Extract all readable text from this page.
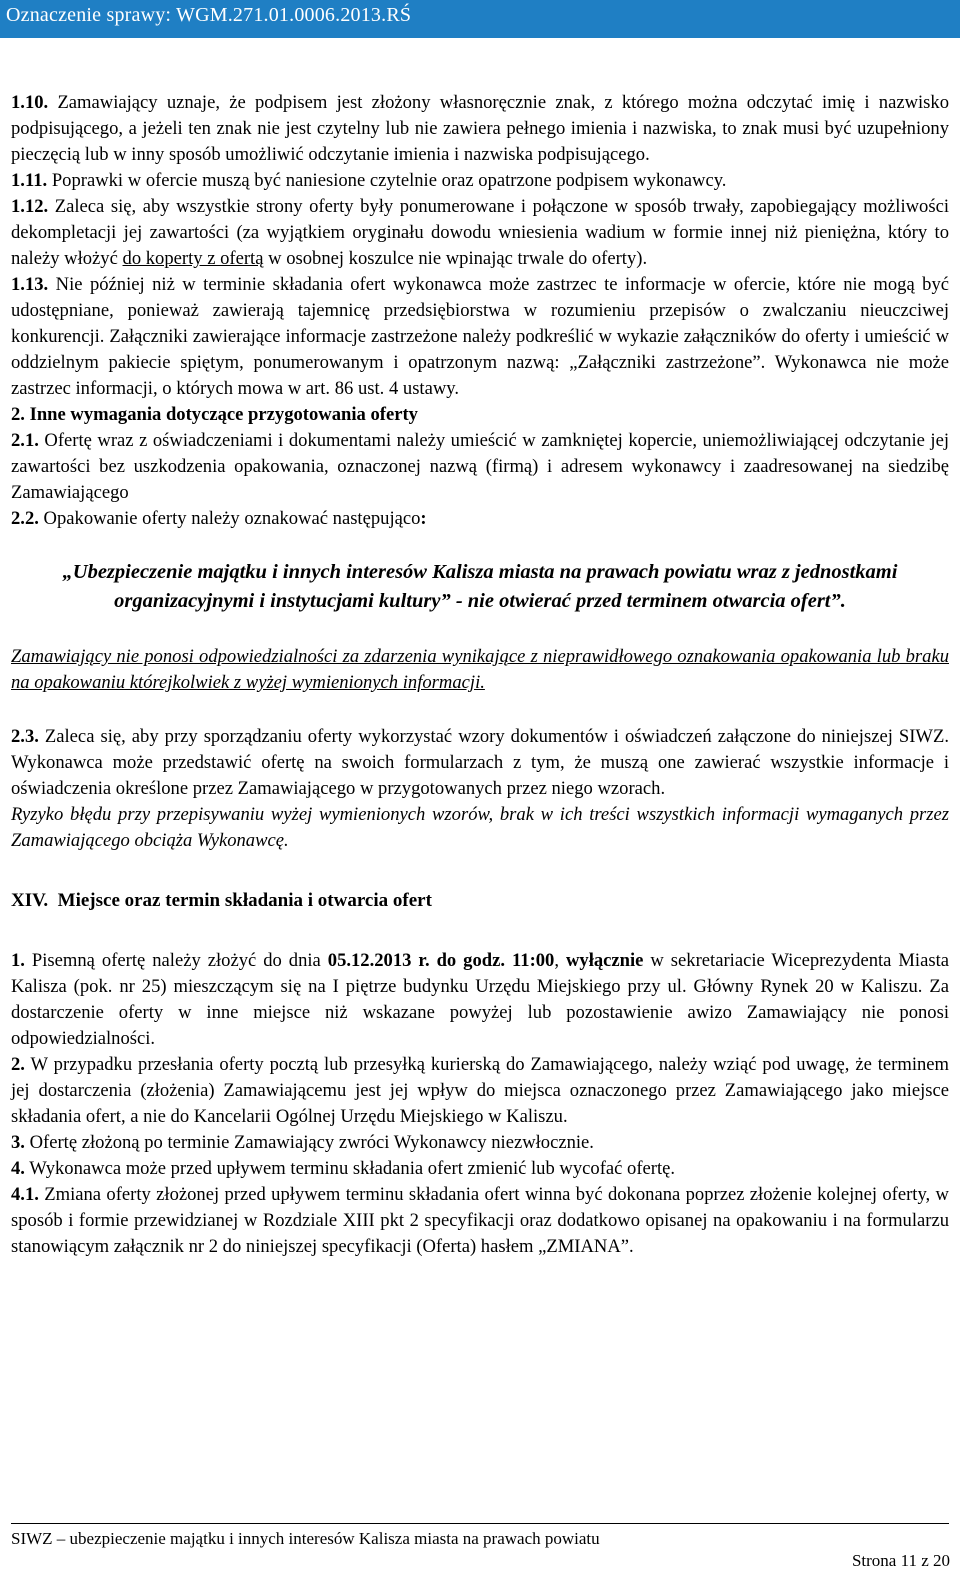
Oznaczenie sprawy: WGM.271.01.0006.2013.RŚ

1.10. Zamawiający uznaje, że podpisem jest złożony własnoręcznie znak, z którego można odczytać imię i nazwisko podpisującego, a jeżeli ten znak nie jest czytelny lub nie zawiera pełnego imienia i nazwiska, to znak musi być uzupełniony pieczęcią lub w inny sposób umożliwić odczytanie imienia i nazwiska podpisującego.

1.11. Poprawki w ofercie muszą być naniesione czytelnie oraz opatrzone podpisem wykonawcy.

1.12. Zaleca się, aby wszystkie strony oferty były ponumerowane i połączone w sposób trwały, zapobiegający możliwości dekompletacji jej zawartości (za wyjątkiem oryginału dowodu wniesienia wadium w formie innej niż pieniężna, który to należy włożyć do koperty z ofertą w osobnej koszulce nie wpinając trwale do oferty).

1.13. Nie później niż w terminie składania ofert wykonawca może zastrzec te informacje w ofercie, które nie mogą być udostępniane, ponieważ zawierają tajemnicę przedsiębiorstwa w rozumieniu przepisów o zwalczaniu nieuczciwej konkurencji. Załączniki zawierające informacje zastrzeżone należy podkreślić w wykazie załączników do oferty i umieścić w oddzielnym pakiecie spiętym, ponumerowanym i opatrzonym nazwą: „Załączniki zastrzeżone”. Wykonawca nie może zastrzec informacji, o których mowa w art. 86 ust. 4 ustawy.

2. Inne wymagania dotyczące przygotowania oferty

2.1. Ofertę wraz z oświadczeniami i dokumentami należy umieścić w zamkniętej kopercie, uniemożliwiającej odczytanie jej zawartości bez uszkodzenia opakowania, oznaczonej nazwą (firmą) i adresem wykonawcy i zaadresowanej na siedzibę Zamawiającego

2.2. Opakowanie oferty należy oznakować następująco:

„Ubezpieczenie majątku i innych interesów Kalisza miasta na prawach powiatu wraz z jednostkami organizacyjnymi i instytucjami kultury” - nie otwierać przed terminem otwarcia ofert”.

Zamawiający nie ponosi odpowiedzialności za zdarzenia wynikające z nieprawidłowego oznakowania opakowania lub braku na opakowaniu którejkolwiek z wyżej wymienionych informacji.

2.3. Zaleca się, aby przy sporządzaniu oferty wykorzystać wzory dokumentów i oświadczeń załączone do niniejszej SIWZ. Wykonawca może przedstawić ofertę na swoich formularzach z tym, że muszą one zawierać wszystkie informacje i oświadczenia określone przez Zamawiającego w przygotowanych przez niego wzorach.

Ryzyko błędu przy przepisywaniu wyżej wymienionych wzorów, brak w ich treści wszystkich informacji wymaganych przez Zamawiającego obciąża Wykonawcę.

XIV.  Miejsce oraz termin składania i otwarcia ofert

1. Pisemną ofertę należy złożyć do dnia 05.12.2013 r. do godz. 11:00, wyłącznie w sekretariacie Wiceprezydenta Miasta Kalisza (pok. nr 25) mieszczącym się na I piętrze budynku Urzędu Miejskiego przy ul. Główny Rynek 20 w Kaliszu. Za dostarczenie oferty w inne miejsce niż wskazane powyżej lub pozostawienie awizo Zamawiający nie ponosi odpowiedzialności.

2. W przypadku przesłania oferty pocztą lub przesyłką kurierską do Zamawiającego, należy wziąć pod uwagę, że terminem jej dostarczenia (złożenia) Zamawiającemu jest jej wpływ do miejsca oznaczonego przez Zamawiającego jako miejsce składania ofert, a nie do Kancelarii Ogólnej Urzędu Miejskiego w Kaliszu.

3. Ofertę złożoną po terminie Zamawiający zwróci Wykonawcy niezwłocznie.

4. Wykonawca może przed upływem terminu składania ofert zmienić lub wycofać ofertę.

4.1. Zmiana oferty złożonej przed upływem terminu składania ofert winna być dokonana poprzez złożenie kolejnej oferty, w sposób i formie przewidzianej w Rozdziale XIII pkt 2 specyfikacji oraz dodatkowo opisanej na opakowaniu i na formularzu stanowiącym załącznik nr 2 do niniejszej specyfikacji (Oferta) hasłem „ZMIANA”.

SIWZ – ubezpieczenie majątku i innych interesów Kalisza miasta na prawach powiatu
Strona 11 z 20
